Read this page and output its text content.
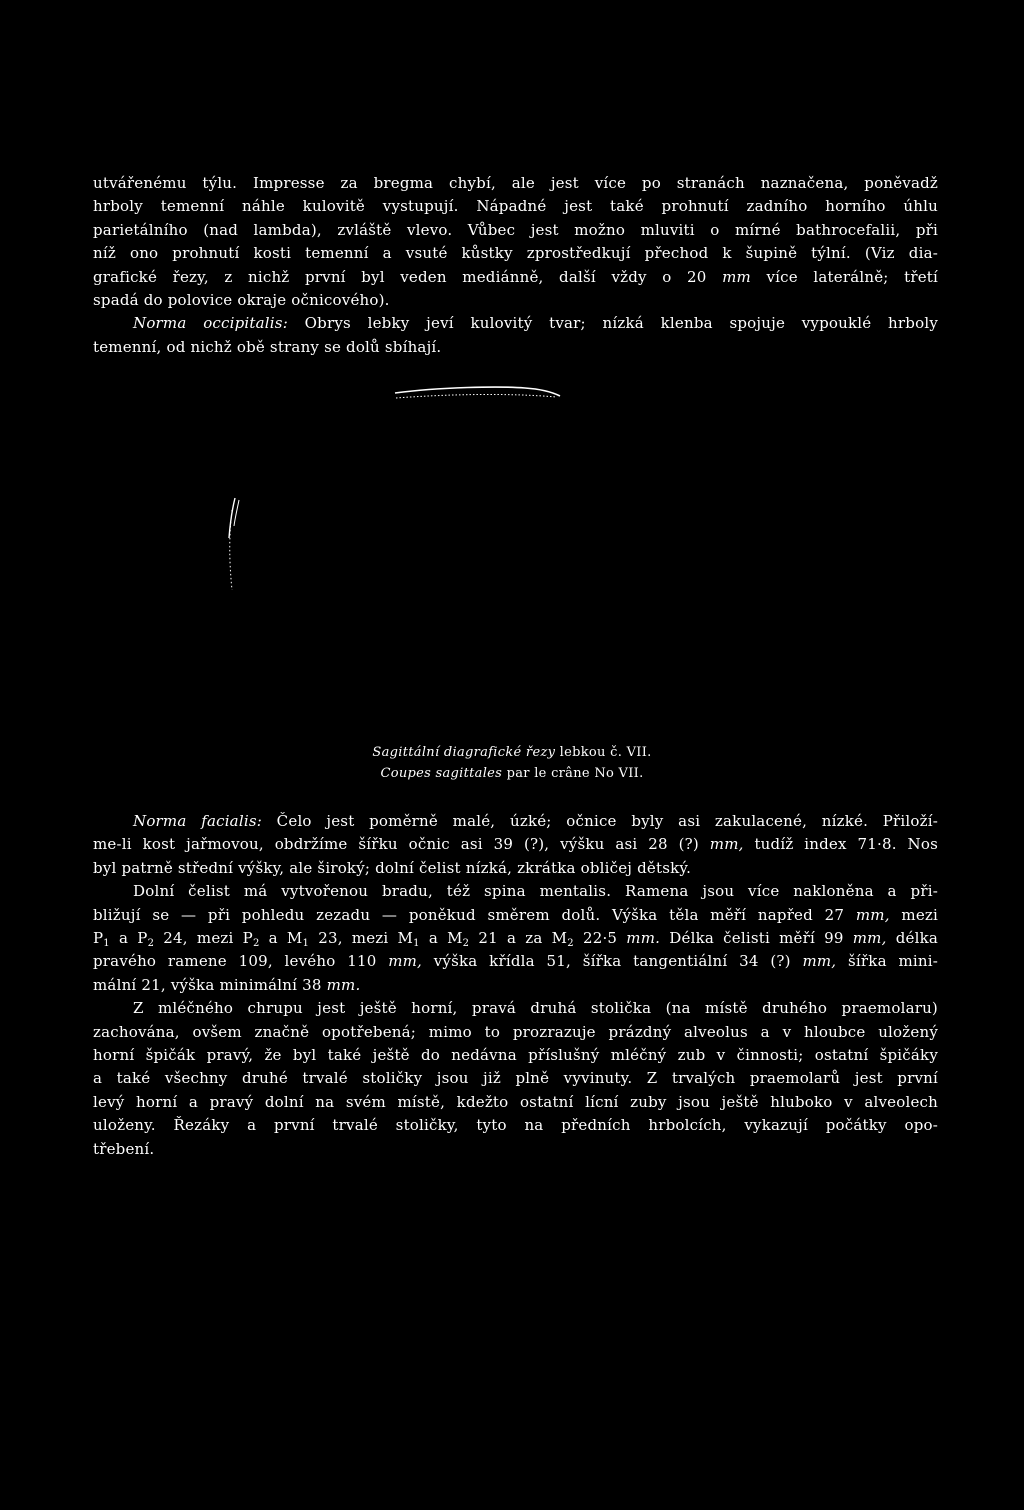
utvářenému týlu. Impresse za bregma chybí, ale jest více po stranách naznačena, poněvadž
hrboly temenní náhle kulovitě vystupují. Nápadné jest také prohnutí zadního horního úhlu
parietálního (nad lambda), zvláště vlevo. Vůbec jest možno mluviti o mírné bathrocefalii, při
níž ono prohnutí kosti temenní a vsuté kůstky zprostředkují přechod k šupině týlní. (Viz dia-
grafické řezy, z nichž první byl veden mediánně, další vždy o 20 mm více laterálně; třetí
spadá do polovice okraje očnicového).
Norma occipitalis: Obrys lebky jeví kulovitý tvar; nízká klenba spojuje vypouklé hrboly
temenní, od nichž obě strany se dolů sbíhají.
Sagittální diagrafické řezy lebkou č. VII.
Coupes sagittales par le crâne No VII.
Norma facialis: Čelo jest poměrně malé, úzké; očnice byly asi zakulacené, nízké. Přiloží-
me-li kost jařmovou, obdržíme šířku očnic asi 39 (?), výšku asi 28 (?) mm, tudíž index 71·8. Nos
byl patrně střední výšky, ale široký; dolní čelist nízká, zkrátka obličej dětský.
Dolní čelist má vytvořenou bradu, též spina mentalis. Ramena jsou více nakloněna a při-
bližují se — při pohledu zezadu — poněkud směrem dolů. Výška těla měří napřed 27 mm, mezi
$P_1$ a $P_2$ 24, mezi $P_2$ a $M_1$ 23, mezi $M_1$ a $M_2$ 21 a za $M_2$ 22·5 mm. Délka čelisti měří 99 mm, délka
pravého ramene 109, levého 110 mm, výška křídla 51, šířka tangentiální 34 (?) mm, šířka mini-
mální 21, výška minimální 38 mm.
Z mléčného chrupu jest ještě horní, pravá druhá stolička (na místě druhého praemolaru)
zachována, ovšem značně opotřebená; mimo to prozrazuje prázdný alveolus a v hloubce uložený
horní špičák pravý, že byl také ještě do nedávna příslušný mléčný zub v činnosti; ostatní špičáky
a také všechny druhé trvalé stoličky jsou již plně vyvinuty. Z trvalých praemolarů jest první
levý horní a pravý dolní na svém místě, kdežto ostatní lícní zuby jsou ještě hluboko v alveolech
uloženy. Řezáky a první trvalé stoličky, tyto na předních hrbolcích, vykazují počátky opo-
třebení.
